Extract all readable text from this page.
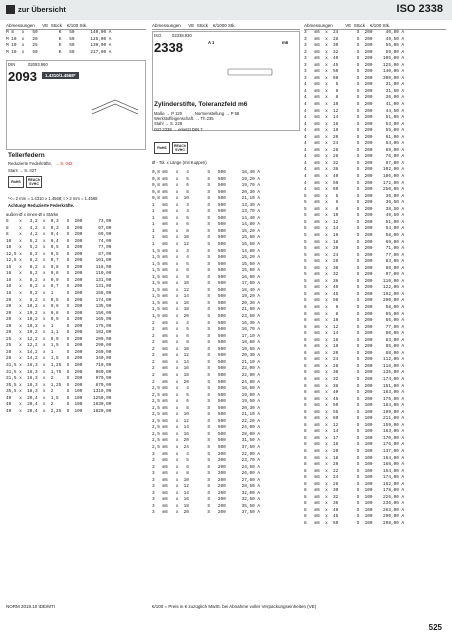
zur Übersicht	ISO 2338
Abmessungen      VE  Stück    €/100 Stk.
M 8   x   50        K   50      140,00 A
M 10  x   20        K   50      125,00 A
M 10  x   25        K   50      130,00 A
M 10  x   50        K   50      217,00 A
DIN	02093.960
2093	1.4310/1.4568*
Tellerfedern
Reduzierte Federkräfte, → S. 042
Stars → S. 327
RoHS	REACh
SVHC
*<= 2 mm = 1.4310 ≥ 1.4568; t > 2 mm = 1.4568
Achtung! Reduzierte Federkräfte.
außen-Ø x innen-Ø x Stärke
8    x   3,2  x  0,3   S  200      73,00
8    x   4,2  x  0,3   S  200      67,00
8    x   4,2  x  0,4   S  200      69,00
10   x   5,2  x  0,4   S  200      74,00
10   x   5,2  x  0,5   S  200      77,00
12,5 x   6,2  x  0,5   S  200      87,00
12,5 x   6,2  x  0,7   S  200     101,00
15   x   8,2  x  0,8   S  200     118,00
16   x   8,2  x  0,6   S  200     110,00
16   x   8,2  x  0,9   S  200     131,00
18   x   9,2  x  0,7   S  200     131,00
18   x   9,2  x  1     S  200     158,00
20   x   8,2  x  0,5   S  200     174,00
20   x  10,2  x  0,6   S  200     135,00
20   x  10,2  x  0,8   S  200     156,00
20   x  10,2  x  0,9   S  200     165,00
20   x  10,2  x  1     S  200     175,00
20   x  10,2  x  1,1   S  200     182,00
25   x  12,2  x  0,9   S  200     209,00
25   x  12,2  x  1,5   S  200     290,00
28   x  14,2  x  1     S  200     260,00
28   x  14,2  x  1,5   S  200     340,00
31,5 x  16,3  x  1,25  S  200     710,00
31,5 x  16,3  x  1,75  S  200     960,00
31,5 x  16,3  x  2     S  200     970,00
35,5 x  18,3  x  1,25  S  200     870,00
35,5 x  18,3  x  2     S  100    1310,00
40   x  20,4  x  1,5   S  100    1250,00
40   x  20,4  x  2     S  100    1630,00
40   x  20,4  x  2,25  S  100    1820,00
Abmessungen      VE  Stück    €/1000 Stk.
ISO	02338.930
2338	A 1	m6
Zylinderstifte, Toleranzfeld m6
Maße → P 120           Normenstellung → P 58
Werkstoffeigenschaft. → Th 235
Stahl → S. 229
ISO 2338 → ersetzt DIN 7
RoHS	REACh
SVHC
Ø - Tol. x Länge (mit Kuppen)
0,8 m6   x   4       S   500      18,40 A
0,8 m6   x   5       S   500      19,20 A
0,8 m6   x   6       S   500      19,70 A
0,8 m6   x   8       S   500      20,30 A
0,8 m6   x  10       S   500      21,10 A
1   m6   x   3       S   500      13,30 A
1   m6   x   4       S   500      13,70 A
1   m6   x   5       S   500      14,40 A
1   m6   x   6       S   500      14,80 A
1   m6   x   8       S   500      15,20 A
1   m6   x  10       S   500      15,80 A
1   m6   x  12       S   500      16,50 A
1,5 m6   x   3       S   500      14,80 A
1,5 m6   x   4       S   500      15,20 A
1,5 m6   x   5       S   500      15,60 A
1,5 m6   x   6       S   500      15,90 A
1,5 m6   x   8       S   500      16,90 A
1,5 m6   x  10       S   500      17,60 A
1,5 m6   x  12       S   500      18,40 A
1,5 m6   x  14       S   500      19,20 A
1,5 m6   x  16       S   500      20,30 A
1,5 m6   x  18       S   500      21,90 A
1,5 m6   x  20       S   500      23,50 A
2   m6   x   4       S   500      16,30 A
2   m6   x   5       S   500      16,70 A
2   m6   x   6       S   500      17,10 A
2   m6   x   8       S   500      18,80 A
2   m6   x  10       S   500      19,60 A
2   m6   x  12       S   500      20,30 A
2   m6   x  14       S   500      21,10 A
2   m6   x  16       S   500      22,00 A
2   m6   x  18       S   500      22,90 A
2   m6   x  20       S   500      24,80 A
2,5 m6   x   4       S   500      18,60 A
2,5 m6   x   5       S   500      19,00 A
2,5 m6   x   6       S   500      19,50 A
2,5 m6   x   8       S   500      20,30 A
2,5 m6   x  10       S   500      21,10 A
2,5 m6   x  12       S   500      22,20 A
2,5 m6   x  14       S   500      24,00 A
2,5 m6   x  16       S   500      28,00 A
2,5 m6   x  20       S   500      31,50 A
2,5 m6   x  24       S   500      37,50 A
3   m6   x   4       S   200      22,90 A
3   m6   x   5       S   200      23,70 A
3   m6   x   6       S   200      24,50 A
3   m6   x   8       S   200      26,00 A
3   m6   x  10       S   200      27,60 A
3   m6   x  12       S   200      28,50 A
3   m6   x  14       S   200      32,00 A
3   m6   x  16       S   200      32,50 A
3   m6   x  18       S   200      35,50 A
3   m6   x  20       S   200      37,50 A
Abmessungen          VE  Stück    €/100 Stk.
3   m6  x  24       S  200     40,80 A
3   m6  x  28       S  200     49,50 A
3   m6  x  30       S  200     55,00 A
3   m6  x  32       S  200     59,00 A
3   m6  x  40       S  200    105,00 A
3   m6  x  45       S  200    125,00 A
3   m6  x  50       S  200    140,00 A
3   m6  x  60       S  200    300,00 A
4   m6  x   5       S  200     31,00 A
4   m6  x   6       S  200     31,50 A
4   m6  x   8       S  200     36,00 A
4   m6  x  10       S  200     41,00 A
4   m6  x  12       S  200     44,50 A
4   m6  x  14       S  200     51,00 A
4   m6  x  16       S  200     53,00 A
4   m6  x  18       S  200     55,00 A
4   m6  x  20       S  200     61,00 A
4   m6  x  24       S  200     64,00 A
4   m6  x  26       S  200     69,00 A
4   m6  x  28       S  200     76,00 A
4   m6  x  32       S  200     87,00 A
4   m6  x  36       S  200    102,00 A
4   m6  x  40       S  200    106,00 A
4   m6  x  50       S  200    172,00 A
4   m6  x  60       S  200    250,00 A
5   m6  x   5       S  200     36,00 A
5   m6  x   6       S  200     36,50 A
5   m6  x   8       S  200     38,50 A
5   m6  x  10       S  200     49,50 A
5   m6  x  12       S  200     51,00 A
5   m6  x  14       S  200     54,00 A
5   m6  x  16       S  200     58,00 A
5   m6  x  18       S  200     69,00 A
5   m6  x  20       S  200     71,00 A
5   m6  x  24       S  200     77,00 A
5   m6  x  28       S  200     83,00 A
5   m6  x  30       S  200     88,00 A
5   m6  x  32       S  200     97,00 A
5   m6  x  36       S  200    110,00 A
5   m6  x  40       S  200    122,00 A
5   m6  x  45       S  200    192,00 A
5   m6  x  50       S  200    200,00 A
6   m6  x   6       S  200     58,00 A
6   m6  x   8       S  200     65,00 A
6   m6  x  10       S  200     65,00 A
6   m6  x  12       S  200     77,00 A
6   m6  x  14       S  200     80,00 A
6   m6  x  16       S  200     83,00 A
6   m6  x  18       S  200     85,00 A
6   m6  x  20       S  200     88,00 A
6   m6  x  24       S  200    112,00 A
6   m6  x  28       S  200    118,00 A
6   m6  x  30       S  200    135,00 A
6   m6  x  32       S  200    174,00 A
6   m6  x  36       S  200    151,00 A
6   m6  x  40       S  200    163,00 A
6   m6  x  45       S  200    175,00 A
6   m6  x  50       S  100    184,00 A
6   m6  x  55       S  100    199,00 A
6   m6  x  60       S  100    211,00 A
8   m6  x  12       S  100    159,00 A
8   m6  x  14       S  100    163,00 A
8   m6  x  17       S  100    170,00 A
8   m6  x  18       S  100    176,00 A
8   m6  x  20       S  100    137,00 A
8   m6  x  18       S  100    164,00 A
8   m6  x  20       S  100    168,00 A
8   m6  x  22       S  100    154,00 A
8   m6  x  24       S  100    174,00 A
8   m6  x  28       S  100    162,00 A
8   m6  x  30       S  100    178,00 A
8   m6  x  32       S  100    226,00 A
8   m6  x  36       S  100    236,00 A
8   m6  x  40       S  100    263,00 A
8   m6  x  45       S  100    290,00 A
8   m6  x  50       S  100    298,00 A
NORM 2019.10 IDE/MTI	€/100 = Preis in € zuzüglich MwSt. bei Abnahme voller Verpackungseinheiten (VE)
525
